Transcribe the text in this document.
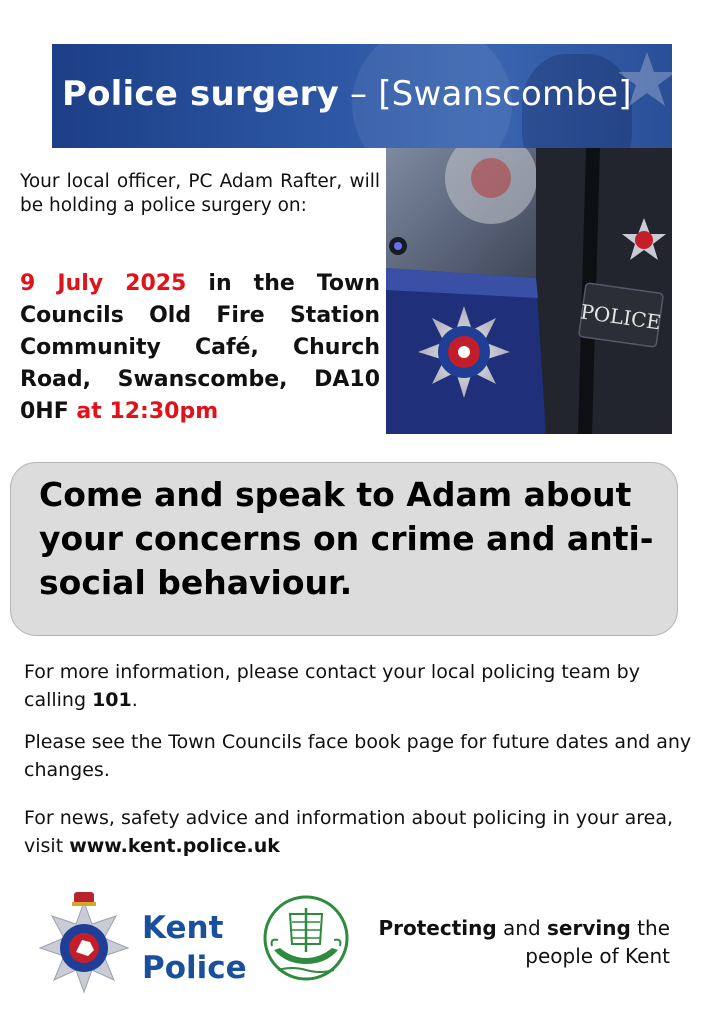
Police surgery – [Swanscombe]
POLICE

Your local officer, PC Adam Rafter, will be holding a police surgery on:

9 July 2025 in the Town Councils Old Fire Station Community Café, Church Road, Swanscombe, DA10 0HF at 12:30pm

Come and speak to Adam about your concerns on crime and anti-social behaviour.

For more information, please contact your local policing team by calling 101.

Please see the Town Councils face book page for future dates and any changes.

For news, safety advice and information about policing in your area, visit www.kent.police.uk

Kent
Police

Protecting and serving the people of Kent
